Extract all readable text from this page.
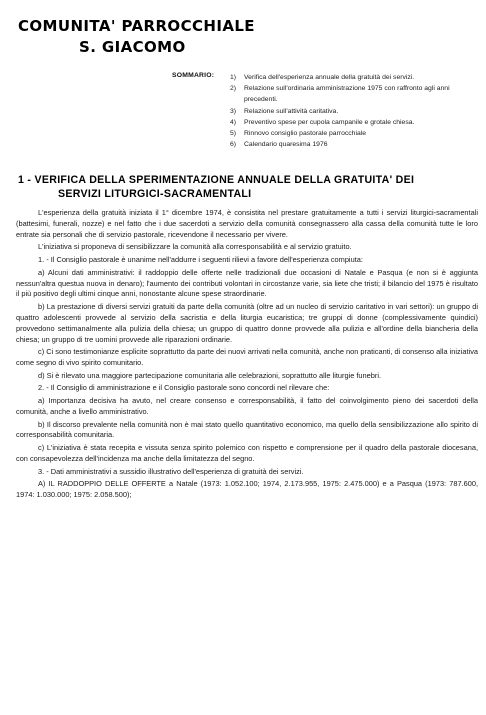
COMUNITA' PARROCCHIALE
S. GIACOMO
SOMMARIO: 1)	Verifica dell'esperienza annuale della gratuità dei servizi.
2)	Relazione sull'ordinaria amministrazione 1975 con raffronto agli anni precedenti.
3)	Relazione sull'attività caritativa.
4)	Preventivo spese per cupola campanile e grotale chiesa.
5)	Rinnovo consiglio pastorale parrocchiale
6)	Calendario quaresima 1976
1 - VERIFICA DELLA SPERIMENTAZIONE ANNUALE DELLA GRATUITA' DEI
SERVIZI LITURGICI-SACRAMENTALI

L'esperienza della gratuità iniziata il 1° dicembre 1974, è consistita nel prestare gratuitamente a tutti i servizi liturgici-sacramentali (battesimi, funerali, nozze) e nel fatto che i due sacerdoti a servizio della comunità consegnassero alla cassa della comunità tutte le loro entrate sia personali che di servizio pastorale, ricevendone il necessario per vivere.

L'iniziativa si proponeva di sensibilizzare la comunità alla corresponsabilità e al servizio gratuito.

1. - Il Consiglio pastorale è unanime nell'addurre i seguenti rilievi a favore dell'esperienza compiuta:

a) Alcuni dati amministrativi: il raddoppio delle offerte nelle tradizionali due occasioni di Natale e Pasqua (e non si è aggiunta nessun'altra questua nuova in denaro); l'aumento dei contributi volontari in circostanze varie, sia liete che tristi; il bilancio del 1975 è risultato il più positivo degli ultimi cinque anni, nonostante alcune spese straordinarie.

b) La prestazione di diversi servizi gratuiti da parte della comunità (oltre ad un nucleo di servizio caritativo in vari settori): un gruppo di quattro adolescenti provvede al servizio della sacristia e della liturgia eucaristica; tre gruppi di donne (complessivamente quindici) provvedono settimanalmente alla pulizia della chiesa; un gruppo di quattro donne provvede alla pulizia e all'ordine della biancheria della chiesa; un gruppo di tre uomini provvede alle riparazioni ordinarie.

c) Ci sono testimonianze esplicite soprattutto da parte dei nuovi arrivati nella comunità, anche non praticanti, di consenso alla iniziativa come segno di vivo spirito comunitario.

d) Si è rilevato una maggiore partecipazione comunitaria alle celebrazioni, soprattutto alle liturgie funebri.

2. - Il Consiglio di amministrazione e il Consiglio pastorale sono concordi nel rilevare che:

a) Importanza decisiva ha avuto, nel creare consenso e corresponsabilità, il fatto del coinvolgimento pieno dei sacerdoti della comunità, anche a livello amministrativo.

b) Il discorso prevalente nella comunità non è mai stato quello quantitativo economico, ma quello della sensibilizzazione allo spirito di corresponsabilità comunitaria.

c) L'iniziativa è stata recepita e vissuta senza spirito polemico con rispetto e comprensione per il quadro della pastorale diocesana, con consapevolezza dell'incidenza ma anche della limitatezza del segno.

3. - Dati amministrativi a sussidio illustrativo dell'esperienza di gratuità dei servizi.

A) IL RADDOPPIO DELLE OFFERTE a Natale (1973: 1.052.100; 1974, 2.173.955, 1975: 2.475.000) e a Pasqua (1973: 787.600, 1974: 1.030.000; 1975: 2.058.500);
